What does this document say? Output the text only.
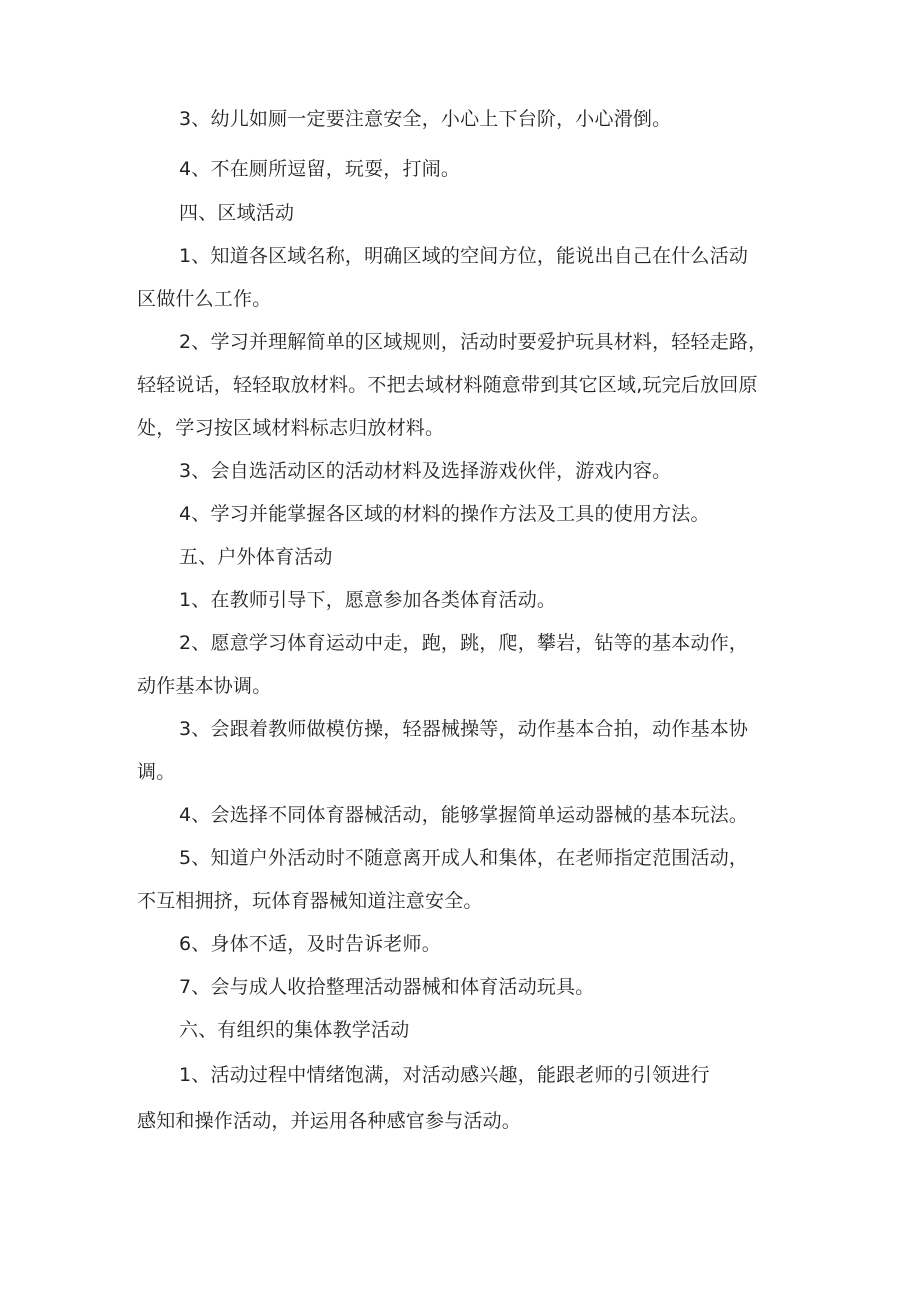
3、幼儿如厕一定要注意安全，小心上下台阶，小心滑倒。
4、不在厕所逗留，玩耍，打闹。
四、区域活动
1、知道各区域名称，明确区域的空间方位，能说出自己在什么活动
区做什么工作。
2、学习并理解简单的区域规则，活动时要爱护玩具材料，轻轻走路，
轻轻说话，轻轻取放材料。不把去域材料随意带到其它区域,玩完后放回原
处，学习按区域材料标志归放材料。
3、会自选活动区的活动材料及选择游戏伙伴，游戏内容。
4、学习并能掌握各区域的材料的操作方法及工具的使用方法。
五、户外体育活动
1、在教师引导下，愿意参加各类体育活动。
2、愿意学习体育运动中走，跑，跳，爬，攀岩，钻等的基本动作，
动作基本协调。
3、会跟着教师做模仿操，轻器械操等，动作基本合拍，动作基本协
调。
4、会选择不同体育器械活动，能够掌握简单运动器械的基本玩法。
5、知道户外活动时不随意离开成人和集体，在老师指定范围活动，
不互相拥挤，玩体育器械知道注意安全。
6、身体不适，及时告诉老师。
7、会与成人收拾整理活动器械和体育活动玩具。
六、有组织的集体教学活动
1、活动过程中情绪饱满，对活动感兴趣，能跟老师的引领进行
感知和操作活动，并运用各种感官参与活动。
